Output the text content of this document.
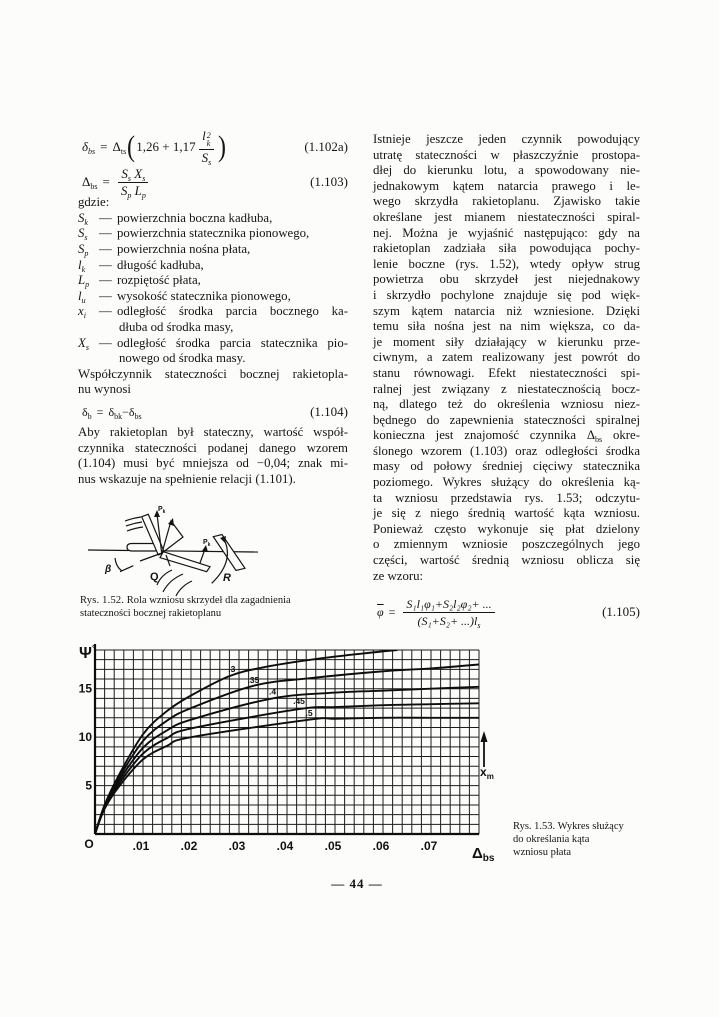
$\delta_{bs} = \Delta_{ts}$ ( 1,26 + 1,17 l 2
k
$S_s$ )	(1.102a)
$\Delta_{bs} = \frac{S_s X_s}{S_p L_p}$	(1.103)
gdzie:
$S_k$ — powierzchnia boczna kadłuba,
$S_s$ — powierzchnia statecznika pionowego,
$S_p$ — powierzchnia nośna płata,
$l_k$	— długość kadłuba,
$L_p$ — rozpiętość płata,
$l_u$	— wysokość statecznika pionowego,
$x_i$	— odległość środka parcia bocznego ka-
dłuba od środka masy,
$X_s$ — odległość środka parcia statecznika pio-
nowego od środka masy.
Współczynnik stateczności bocznej rakietopla-
nu wynosi
$\delta_b = \delta_{bk} - \delta_{bs}$	(1.104)
Aby rakietoplan był stateczny, wartość współ-
czynnika stateczności podanej danego wzorem
(1.104) musi być mniejsza od −0,04; znak mi-
nus wskazuje na spełnienie relacji (1.101).
Q	R
β
$P_k$
$P_k$
Rys. 1.52. Rola wzniosu skrzydeł dla zagadnienia
stateczności bocznej rakietoplanu
Istnieje jeszcze jeden czynnik powodujący
utratę stateczności w płaszczyźnie prostopa-
dłej do kierunku lotu, a spowodowany nie-
jednakowym kątem natarcia prawego i le-
wego skrzydła rakietoplanu. Zjawisko takie
określane jest mianem niestateczności spiral-
nej. Można je wyjaśnić następująco: gdy na
rakietoplan zadziała siła powodująca pochy-
lenie boczne (rys. 1.52), wtedy opływ strug
powietrza obu skrzydeł jest niejednakowy
i skrzydło pochylone znajduje się pod więk-
szym kątem natarcia niż wzniesione. Dzięki
temu siła nośna jest na nim większa, co da-
je moment siły działający w kierunku prze-
ciwnym, a zatem realizowany jest powrót do
stanu równowagi. Efekt niestateczności spi-
ralnej jest związany z niestatecznością bocz-
ną, dlatego też do określenia wzniosu niez-
będnego do zapewnienia stateczności spiralnej
konieczna jest znajomość czynnika $\Delta_{bs}$ okre-
ślonego wzorem (1.103) oraz odległości środka
masy od połowy średniej cięciwy statecznika
poziomego. Wykres służący do określenia ką-
ta wzniosu przedstawia rys. 1.53; odczytu-
je się z niego średnią wartość kąta wzniosu.
Ponieważ często wykonuje się płat dzielony
o zmiennym wzniosie poszczególnych jego
części, wartość średnią wzniosu oblicza się
ze wzoru:
$\overline{\varphi} = \frac{\text{S₁l₁φ₁+S₂l₂φ₂+ ...}}{(S_1+S_2+ ...)l_s}$	(1.105)
.3
.35
.4
.45
.5
.01	.02	.03	.04	.05	.06	.07
5
10
15
O
Ψ°
$\Delta_{bs}$
$x_m$
Rys. 1.53. Wykres służący
do określania kąta
wzniosu płata
— 44 —
